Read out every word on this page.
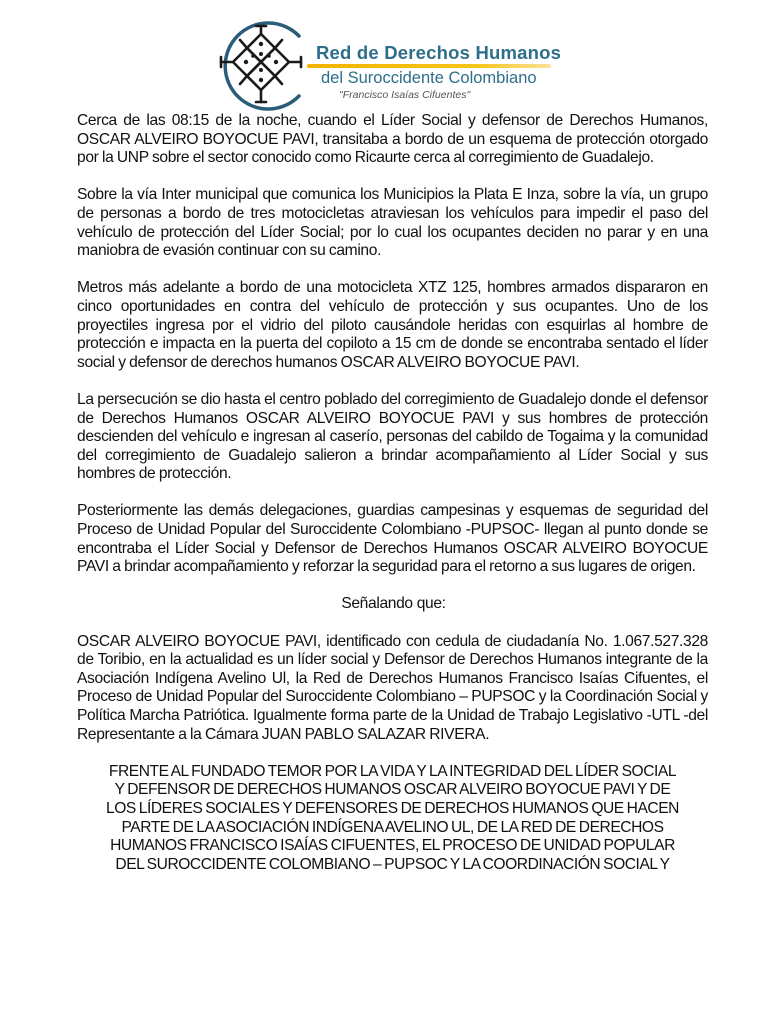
Red de Derechos Humanos
del Suroccidente Colombiano
"Francisco Isaías Cifuentes"

Cerca de las 08:15 de la noche, cuando el Líder Social y defensor de Derechos Humanos, OSCAR ALVEIRO BOYOCUE PAVI, transitaba a bordo de un esquema de protección otorgado por la UNP sobre el sector conocido como Ricaurte cerca al corregimiento de Guadalejo.

Sobre la vía Inter municipal que comunica los Municipios la Plata E Inza, sobre la vía, un grupo de personas a bordo de tres motocicletas atraviesan los vehículos para impedir el paso del vehículo de protección del Líder Social; por lo cual los ocupantes deciden no parar y en una maniobra de evasión continuar con su camino.

Metros más adelante a bordo de una motocicleta XTZ 125, hombres armados dispararon en cinco oportunidades en contra del vehículo de protección y sus ocupantes. Uno de los proyectiles ingresa por el vidrio del piloto causándole heridas con esquirlas al hombre de protección e impacta en la puerta del copiloto a 15 cm de donde se encontraba sentado el líder social y defensor de derechos humanos OSCAR ALVEIRO BOYOCUE PAVI.

La persecución se dio hasta el centro poblado del corregimiento de Guadalejo donde el defensor de Derechos Humanos OSCAR ALVEIRO BOYOCUE PAVI y sus hombres de protección descienden del vehículo e ingresan al caserío, personas del cabildo de Togaima y la comunidad del corregimiento de Guadalejo salieron a brindar acompañamiento al Líder Social y sus hombres de protección.

Posteriormente las demás delegaciones, guardias campesinas y esquemas de seguridad del Proceso de Unidad Popular del Suroccidente Colombiano -PUPSOC- llegan al punto donde se encontraba el Líder Social y Defensor de Derechos Humanos OSCAR ALVEIRO BOYOCUE PAVI a brindar acompañamiento y reforzar la seguridad para el retorno a sus lugares de origen.

Señalando que:

OSCAR ALVEIRO BOYOCUE PAVI, identificado con cedula de ciudadanía No. 1.067.527.328 de Toribio, en la actualidad es un líder social y Defensor de Derechos Humanos integrante de la Asociación Indígena Avelino Ul, la Red de Derechos Humanos Francisco Isaías Cifuentes, el Proceso de Unidad Popular del Suroccidente Colombiano – PUPSOC y la Coordinación Social y Política Marcha Patriótica. Igualmente forma parte de la Unidad de Trabajo Legislativo -UTL -del Representante a la Cámara JUAN PABLO SALAZAR RIVERA.

FRENTE AL FUNDADO TEMOR POR LA VIDA Y LA INTEGRIDAD DEL LÍDER SOCIAL
Y DEFENSOR DE DERECHOS HUMANOS OSCAR ALVEIRO BOYOCUE PAVI Y DE
LOS LÍDERES SOCIALES Y DEFENSORES DE DERECHOS HUMANOS QUE HACEN
PARTE DE LA ASOCIACIÓN INDÍGENA AVELINO UL, DE LA RED DE DERECHOS
HUMANOS FRANCISCO ISAÍAS CIFUENTES, EL PROCESO DE UNIDAD POPULAR
DEL SUROCCIDENTE COLOMBIANO – PUPSOC Y LA COORDINACIÓN SOCIAL Y
